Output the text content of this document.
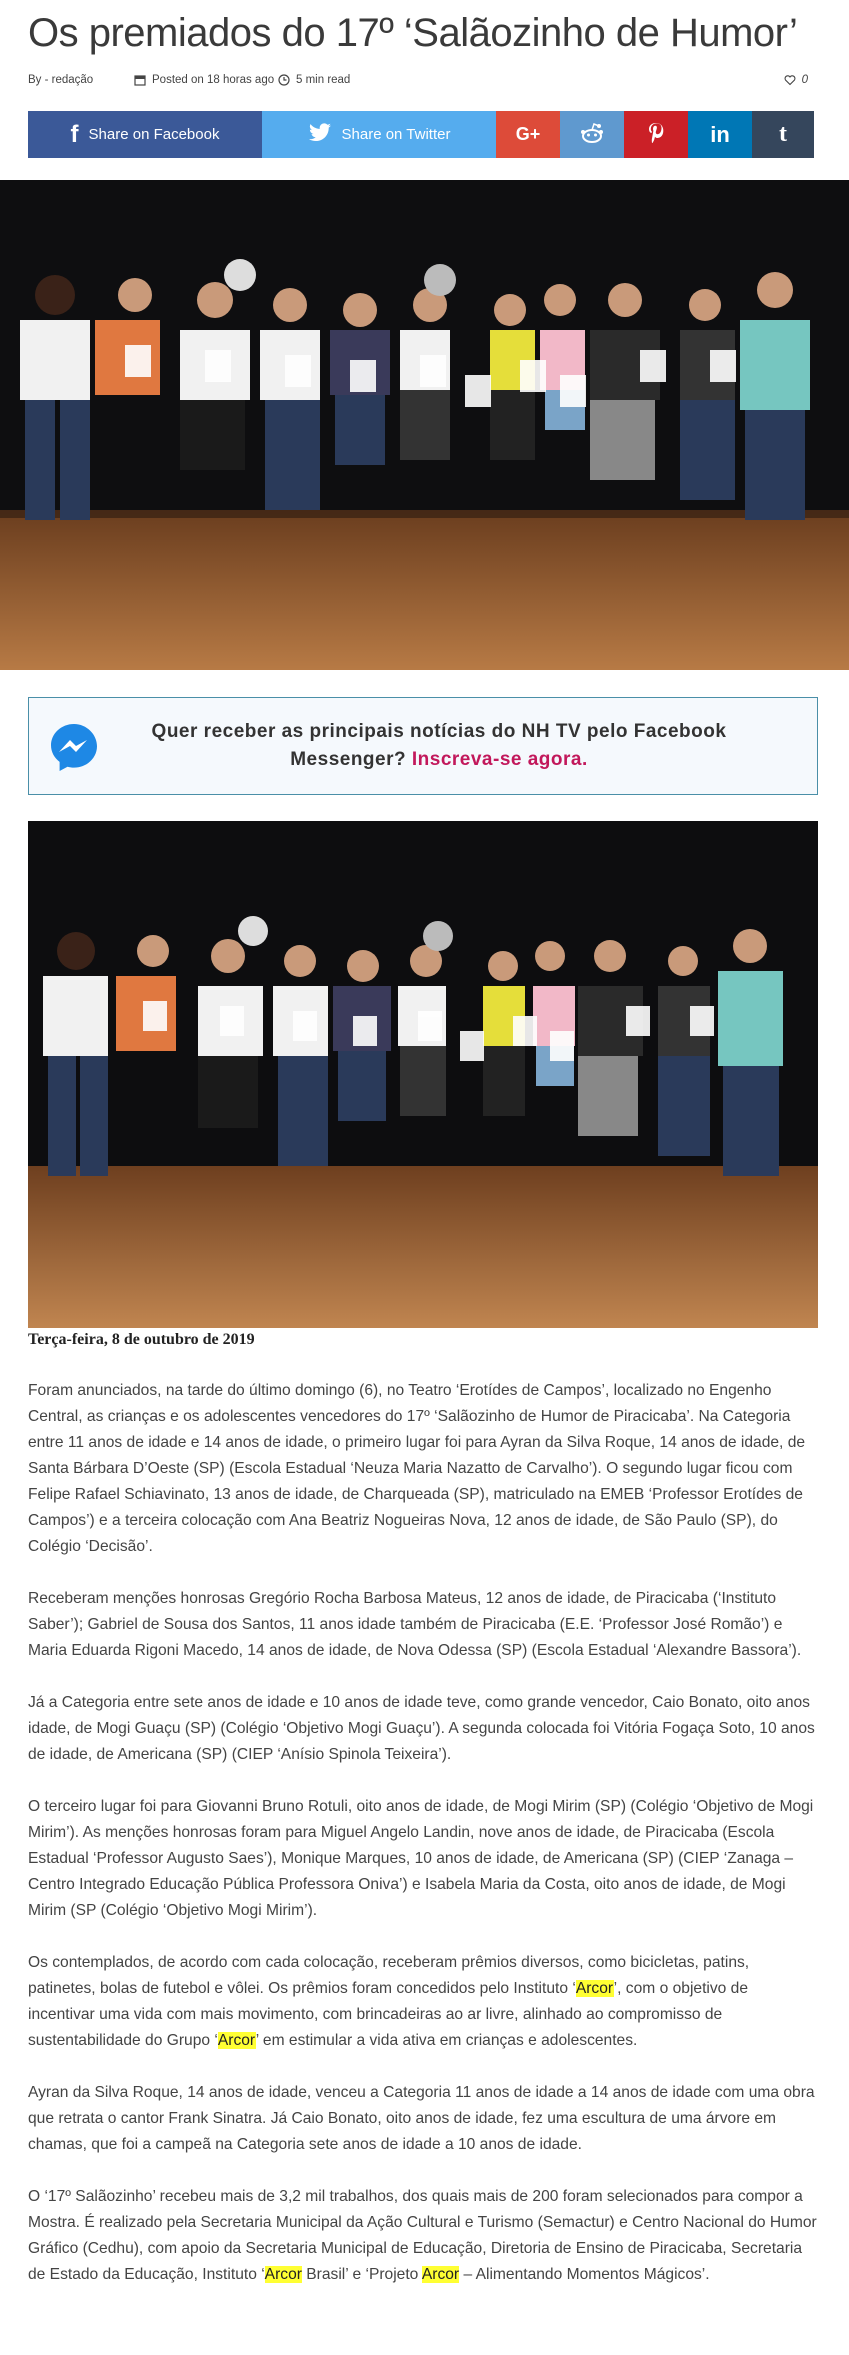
Os premiados do 17º ‘Salãozinho de Humor’
By - redação	Posted on 18 horas ago 5 min read	0
f Share on Facebook	Share on Twitter	G+	in t
Quer receber as principais notícias do NH TV pelo Facebook Messenger? Inscreva-se agora.
Terça-feira, 8 de outubro de 2019

Foram anunciados, na tarde do último domingo (6), no Teatro ‘Erotídes de Campos’, localizado no Engenho Central, as crianças e os adolescentes vencedores do 17º ‘Salãozinho de Humor de Piracicaba’. Na Categoria entre 11 anos de idade e 14 anos de idade, o primeiro lugar foi para Ayran da Silva Roque, 14 anos de idade, de Santa Bárbara D’Oeste (SP) (Escola Estadual ‘Neuza Maria Nazatto de Carvalho’). O segundo lugar ficou com Felipe Rafael Schiavinato, 13 anos de idade, de Charqueada (SP), matriculado na EMEB ‘Professor Erotídes de Campos’) e a terceira colocação com Ana Beatriz Nogueiras Nova, 12 anos de idade, de São Paulo (SP), do Colégio ‘Decisão’.

Receberam menções honrosas Gregório Rocha Barbosa Mateus, 12 anos de idade, de Piracicaba (‘Instituto Saber’); Gabriel de Sousa dos Santos, 11 anos idade também de Piracicaba (E.E. ‘Professor José Romão’) e Maria Eduarda Rigoni Macedo, 14 anos de idade, de Nova Odessa (SP) (Escola Estadual ‘Alexandre Bassora’).

Já a Categoria entre sete anos de idade e 10 anos de idade teve, como grande vencedor, Caio Bonato, oito anos idade, de Mogi Guaçu (SP) (Colégio ‘Objetivo Mogi Guaçu’). A segunda colocada foi Vitória Fogaça Soto, 10 anos de idade, de Americana (SP) (CIEP ‘Anísio Spinola Teixeira’).

O terceiro lugar foi para Giovanni Bruno Rotuli, oito anos de idade, de Mogi Mirim (SP) (Colégio ‘Objetivo de Mogi Mirim’). As menções honrosas foram para Miguel Angelo Landin, nove anos de idade, de Piracicaba (Escola Estadual ‘Professor Augusto Saes’), Monique Marques, 10 anos de idade, de Americana (SP) (CIEP ‘Zanaga – Centro Integrado Educação Pública Professora Oniva’) e Isabela Maria da Costa, oito anos de idade, de Mogi Mirim (SP (Colégio ‘Objetivo Mogi Mirim’).

Os contemplados, de acordo com cada colocação, receberam prêmios diversos, como bicicletas, patins, patinetes, bolas de futebol e vôlei. Os prêmios foram concedidos pelo Instituto ‘Arcor’, com o objetivo de incentivar uma vida com mais movimento, com brincadeiras ao ar livre, alinhado ao compromisso de sustentabilidade do Grupo ‘Arcor’ em estimular a vida ativa em crianças e adolescentes.

Ayran da Silva Roque, 14 anos de idade, venceu a Categoria 11 anos de idade a 14 anos de idade com uma obra que retrata o cantor Frank Sinatra. Já Caio Bonato, oito anos de idade, fez uma escultura de uma árvore em chamas, que foi a campeã na Categoria sete anos de idade a 10 anos de idade.

O ‘17º Salãozinho’ recebeu mais de 3,2 mil trabalhos, dos quais mais de 200 foram selecionados para compor a Mostra. É realizado pela Secretaria Municipal da Ação Cultural e Turismo (Semactur) e Centro Nacional do Humor Gráfico (Cedhu), com apoio da Secretaria Municipal de Educação, Diretoria de Ensino de Piracicaba, Secretaria de Estado da Educação, Instituto ‘Arcor Brasil’ e ‘Projeto Arcor – Alimentando Momentos Mágicos’.
